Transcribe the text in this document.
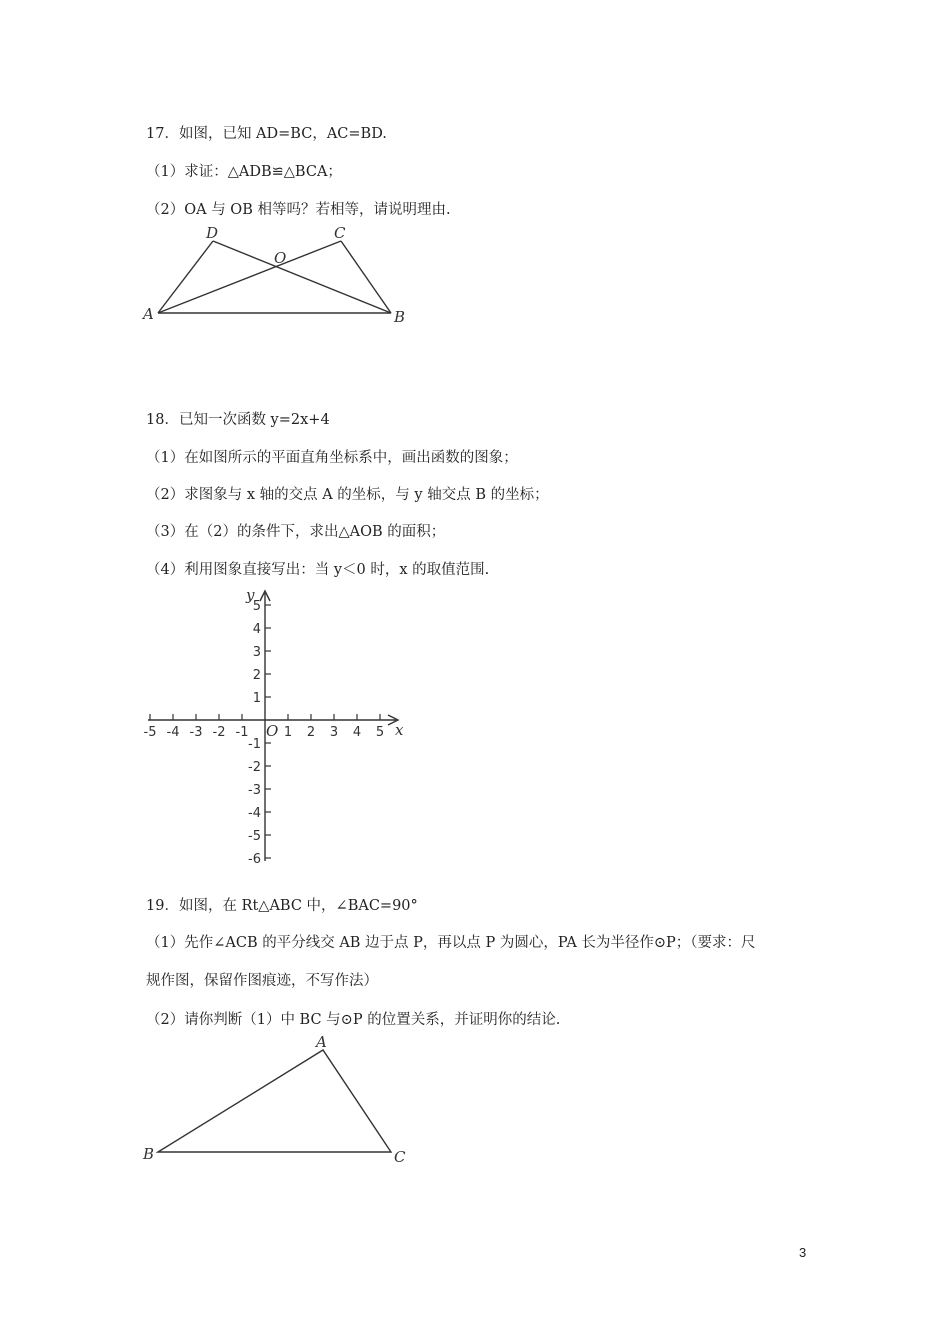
17．如图，已知 AD=BC，AC=BD.
（1）求证：△ADB≌△BCA；
（2）OA 与 OB 相等吗？若相等，请说明理由.
A	B
C
D
O
18．已知一次函数 y=2x+4
（1）在如图所示的平面直角坐标系中，画出函数的图象；
（2）求图象与 x 轴的交点 A 的坐标，与 y 轴交点 B 的坐标；
（3）在（2）的条件下，求出△AOB 的面积；
（4）利用图象直接写出：当 y＜0 时，x 的取值范围.
-5 -4 -3 -2 -1	1 2 3 4 5
5
4
3
2
1
-1
-2
-3
-4
-5
-6
x
y
O
19．如图，在 Rt△ABC 中，∠BAC=90°
（1）先作∠ACB 的平分线交 AB 边于点 P，再以点 P 为圆心，PA 长为半径作⊙P；（要求：尺
规作图，保留作图痕迹，不写作法）
（2）请你判断（1）中 BC 与⊙P 的位置关系，并证明你的结论.
B
A
C
3
